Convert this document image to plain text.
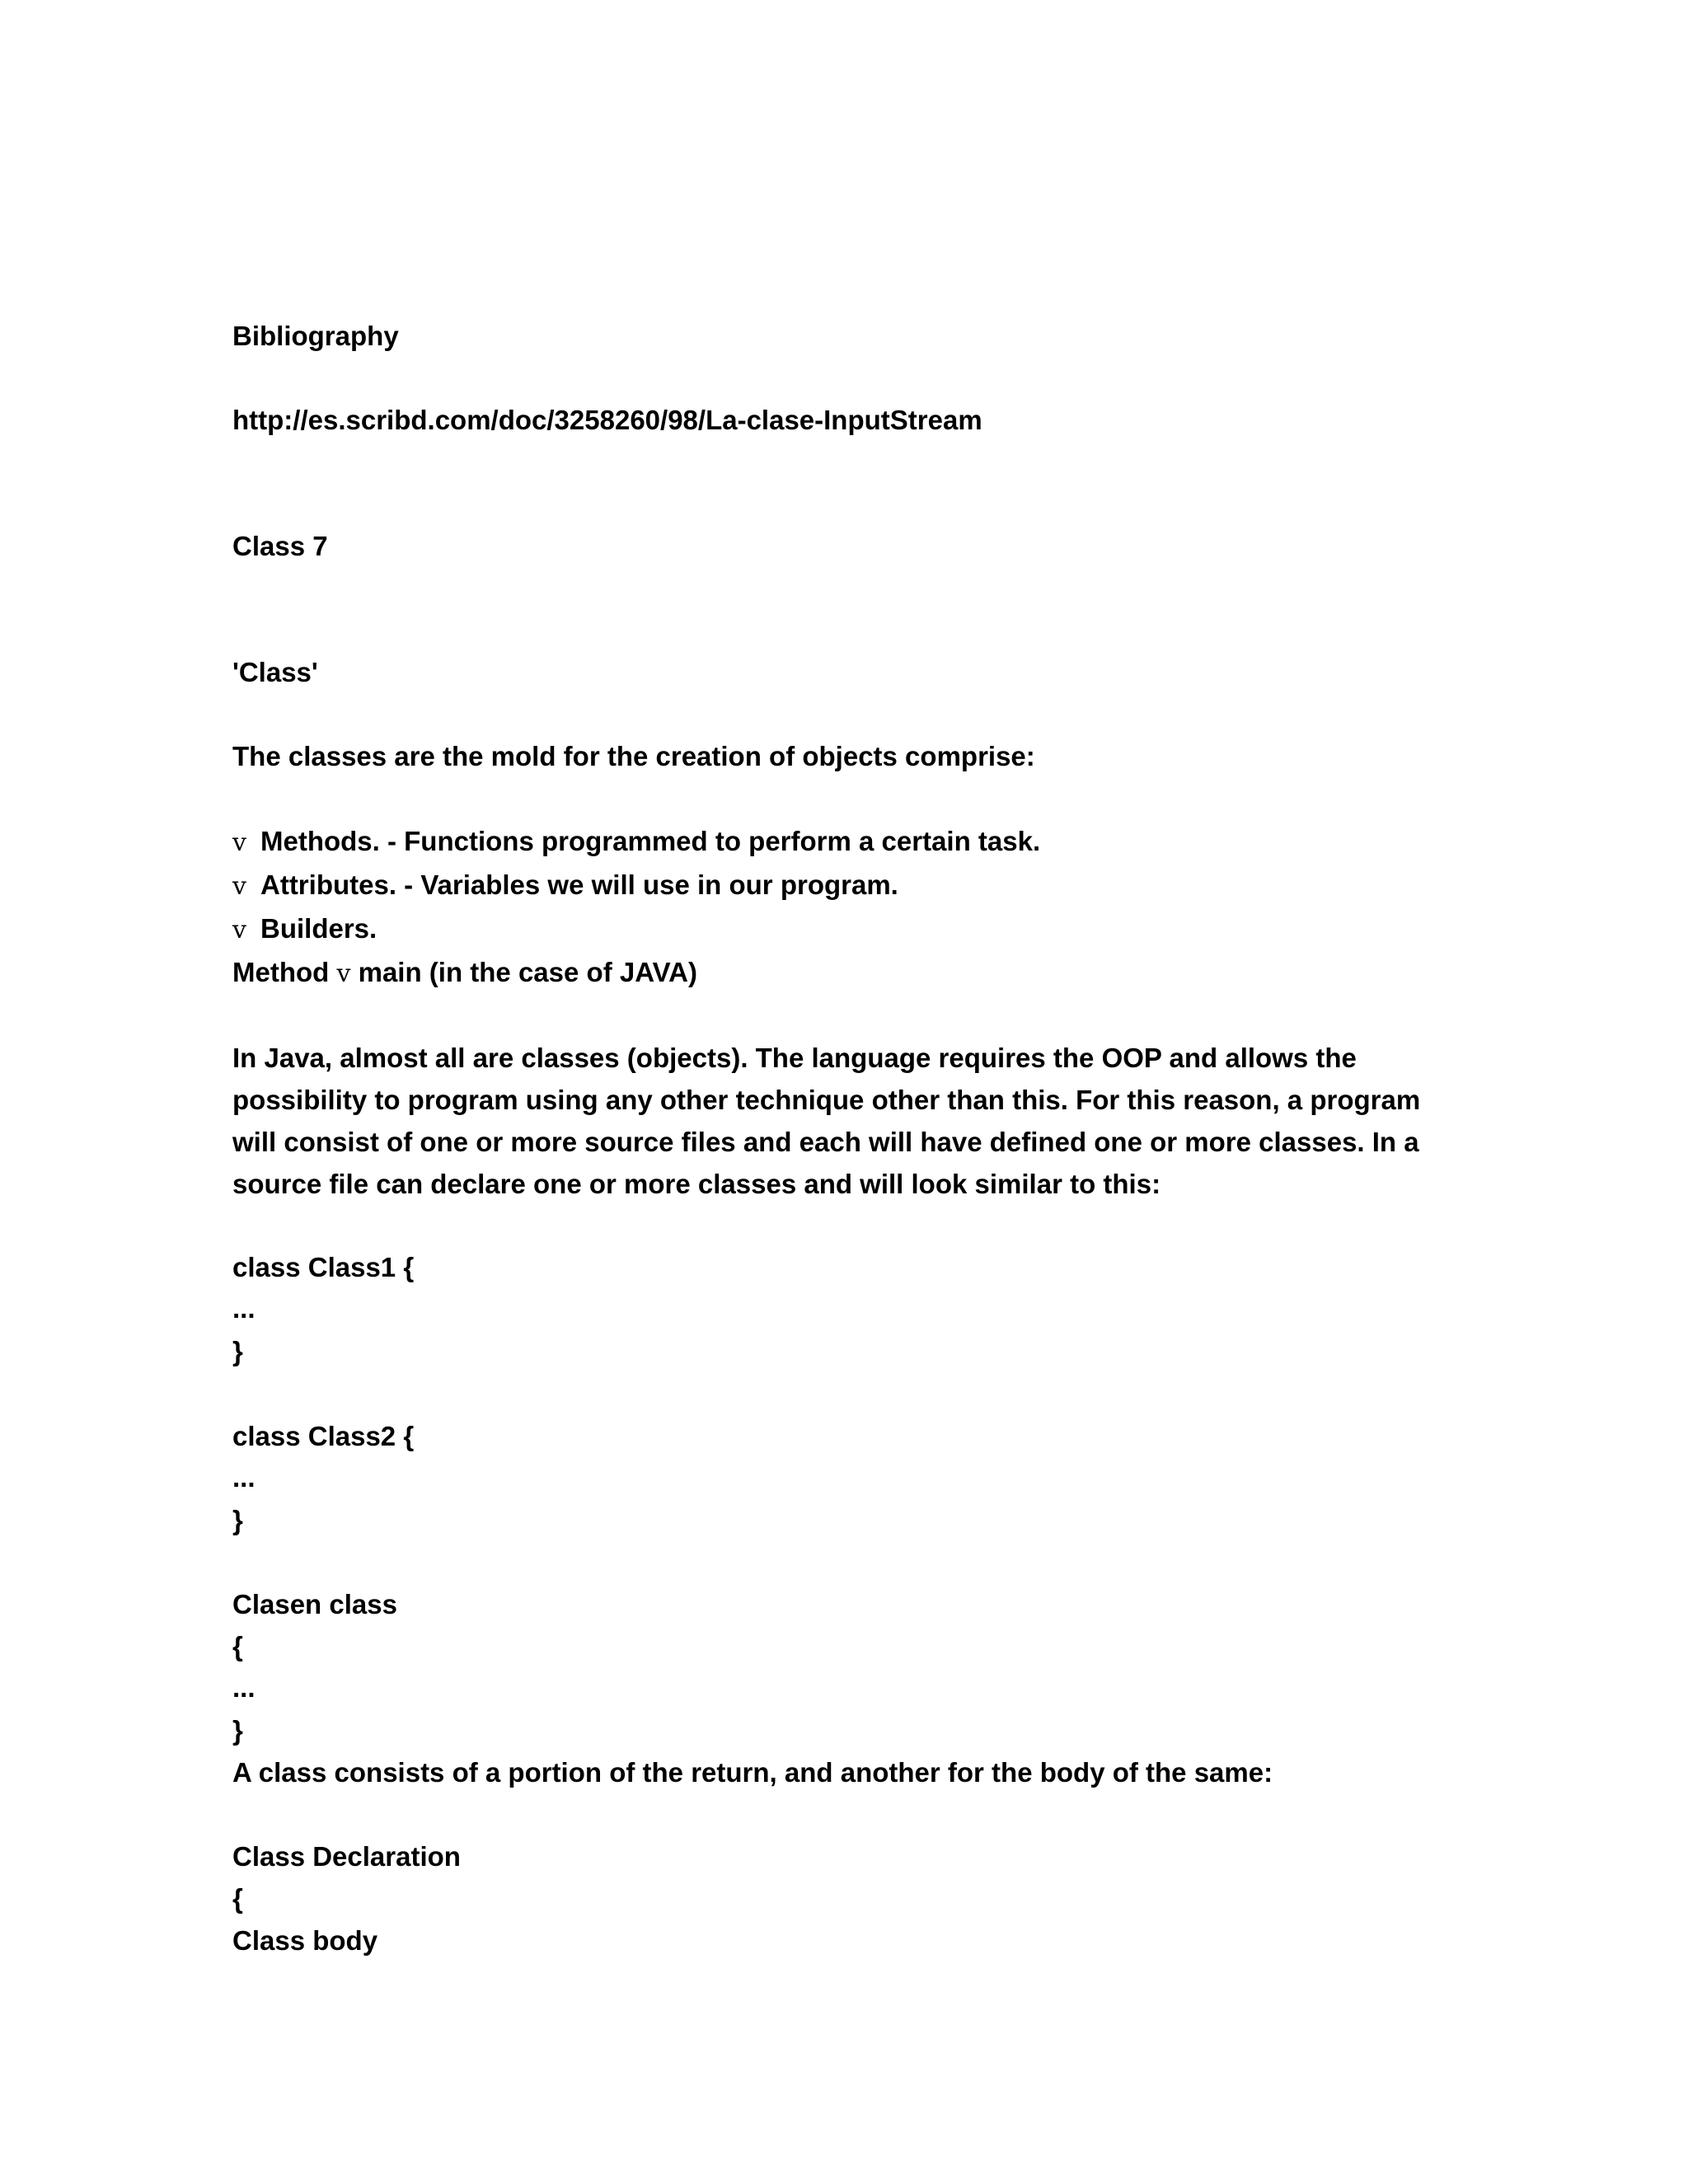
Bibliography
http://es.scribd.com/doc/3258260/98/La-clase-InputStream
Class 7
'Class'
The classes are the mold for the creation of objects comprise:
v Methods. - Functions programmed to perform a certain task.
v Attributes. - Variables we will use in our program.
v Builders.
Method v main (in the case of JAVA)
In Java, almost all are classes (objects). The language requires the OOP and allows the possibility to program using any other technique other than this. For this reason, a program will consist of one or more source files and each will have defined one or more classes. In a source file can declare one or more classes and will look similar to this:
class Class1 {
...
}
class Class2 {
...
}
Clasen class
{
...
}
A class consists of a portion of the return, and another for the body of the same:
Class Declaration
{
Class body
